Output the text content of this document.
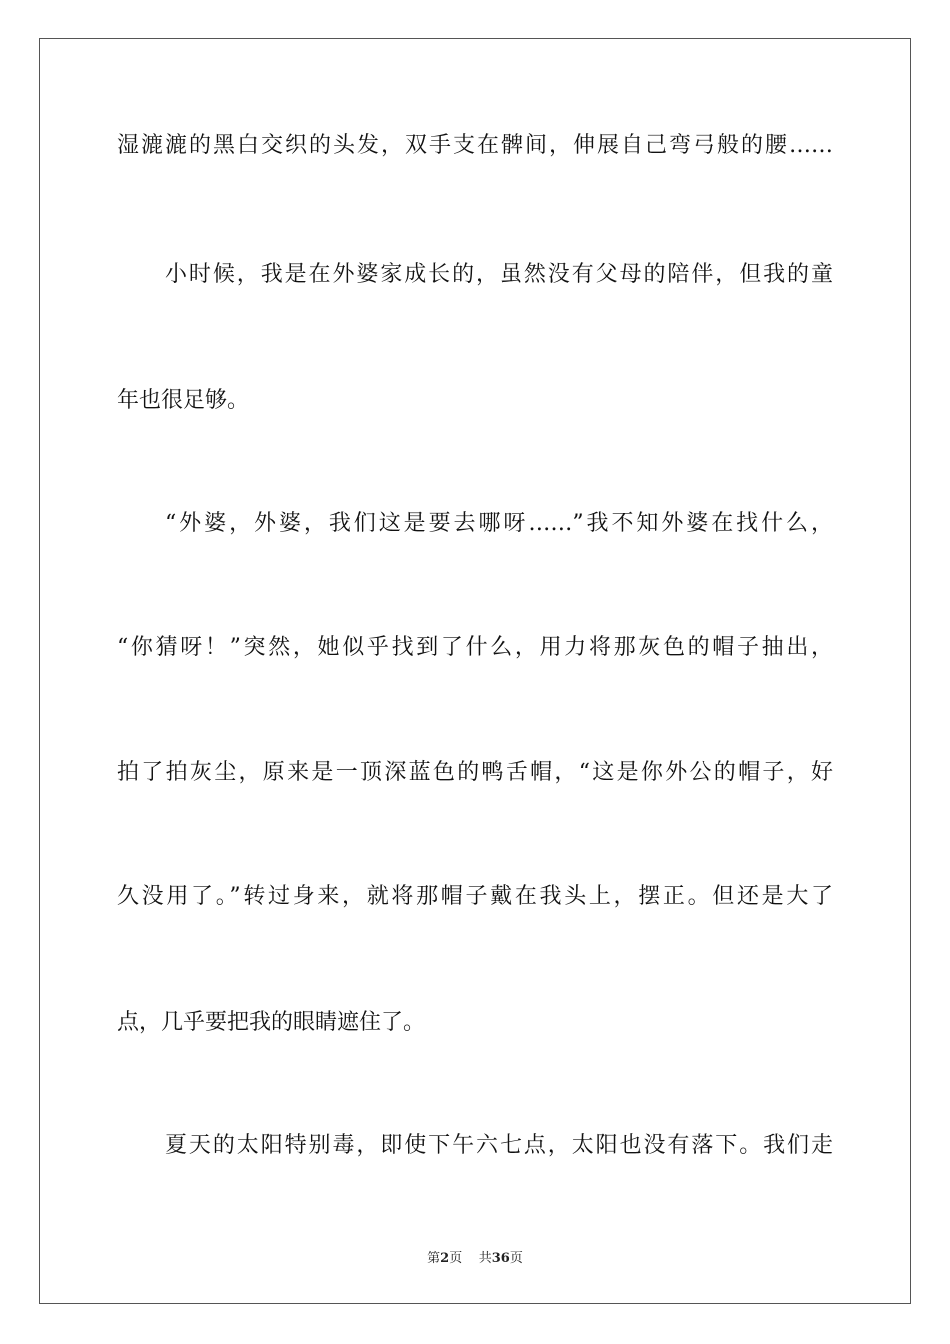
湿漉漉的黑白交织的头发，双手支在髀间，伸展自己弯弓般的腰……

小时候，我是在外婆家成长的，虽然没有父母的陪伴，但我的童

年也很足够。

“外婆，外婆，我们这是要去哪呀……”我不知外婆在找什么，

“你猜呀！”突然，她似乎找到了什么，用力将那灰色的帽子抽出，

拍了拍灰尘，原来是一顶深蓝色的鸭舌帽，“这是你外公的帽子，好

久没用了。”转过身来，就将那帽子戴在我头上，摆正。但还是大了

点，几乎要把我的眼睛遮住了。

夏天的太阳特别毒，即使下午六七点，太阳也没有落下。我们走

第2页 共36页
